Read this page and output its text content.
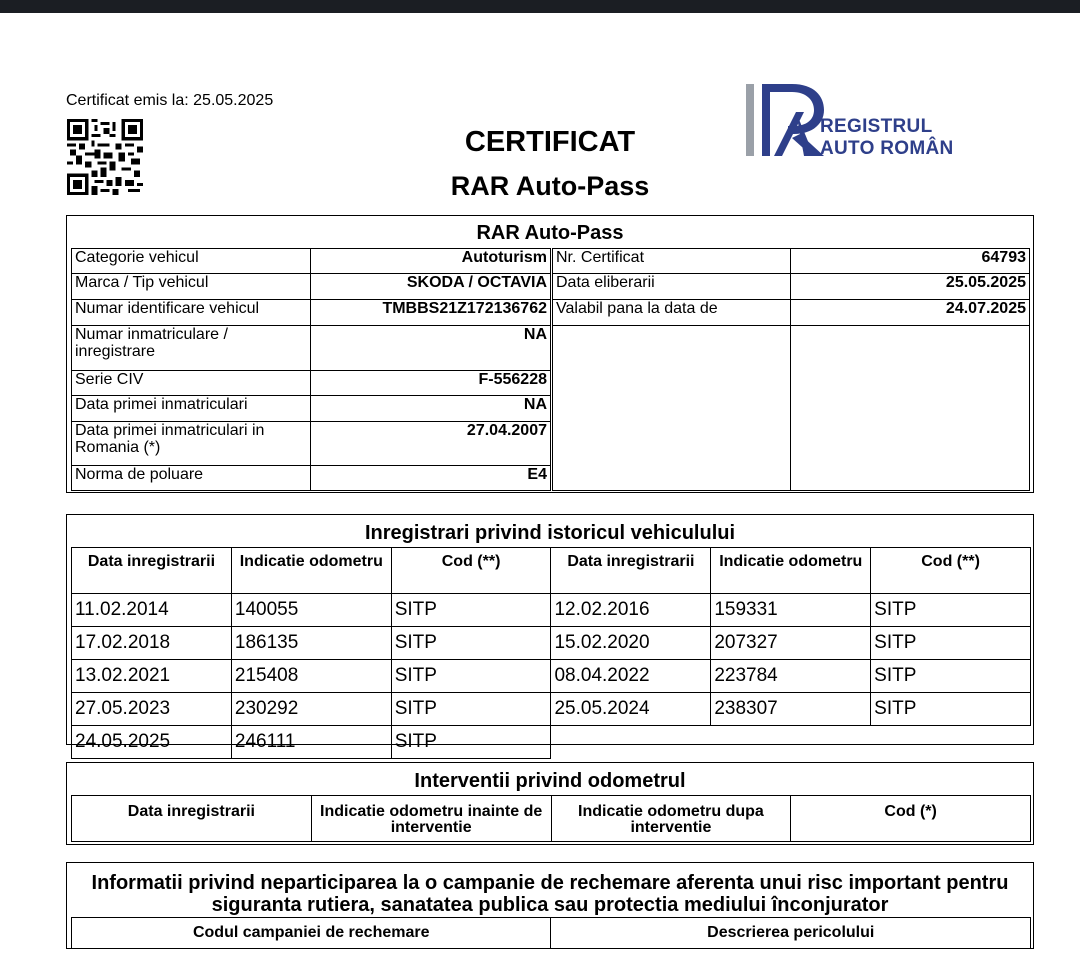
Certificat emis la: 25.05.2025
CERTIFICAT
RAR Auto-Pass
REGISTRUL
AUTO ROMÂN
RAR Auto-Pass
Categorie vehicul	Autoturism
Marca / Tip vehicul	SKODA / OCTAVIA
Numar identificare vehicul	TMBBS21Z172136762
Numar inmatriculare / inregistrare	NA
Serie CIV	F-556228
Data primei inmatriculari	NA
Data primei inmatriculari in Romania (*)	27.04.2007
Norma de poluare	E4
Nr. Certificat	64793
Data eliberarii	25.05.2025
Valabil pana la data de	24.07.2025

Inregistrari privind istoricul vehiculului
Data inregistrarii	Indicatie odometru	Cod (**)	Data inregistrarii	Indicatie odometru	Cod (**)
11.02.2014	140055	SITP	12.02.2016	159331	SITP
17.02.2018	186135	SITP	15.02.2020	207327	SITP
13.02.2021	215408	SITP	08.04.2022	223784	SITP
27.05.2023	230292	SITP	25.05.2024	238307	SITP
24.05.2025	246111	SITP			
Interventii privind odometrul
Data inregistrarii	Indicatie odometru inainte de interventie	Indicatie odometru dupa interventie	Cod (*)
Informatii privind neparticiparea la o campanie de rechemare aferenta unui risc important pentru siguranta rutiera, sanatatea publica sau protectia mediului înconjurator
Codul campaniei de rechemare	Descrierea pericolului
